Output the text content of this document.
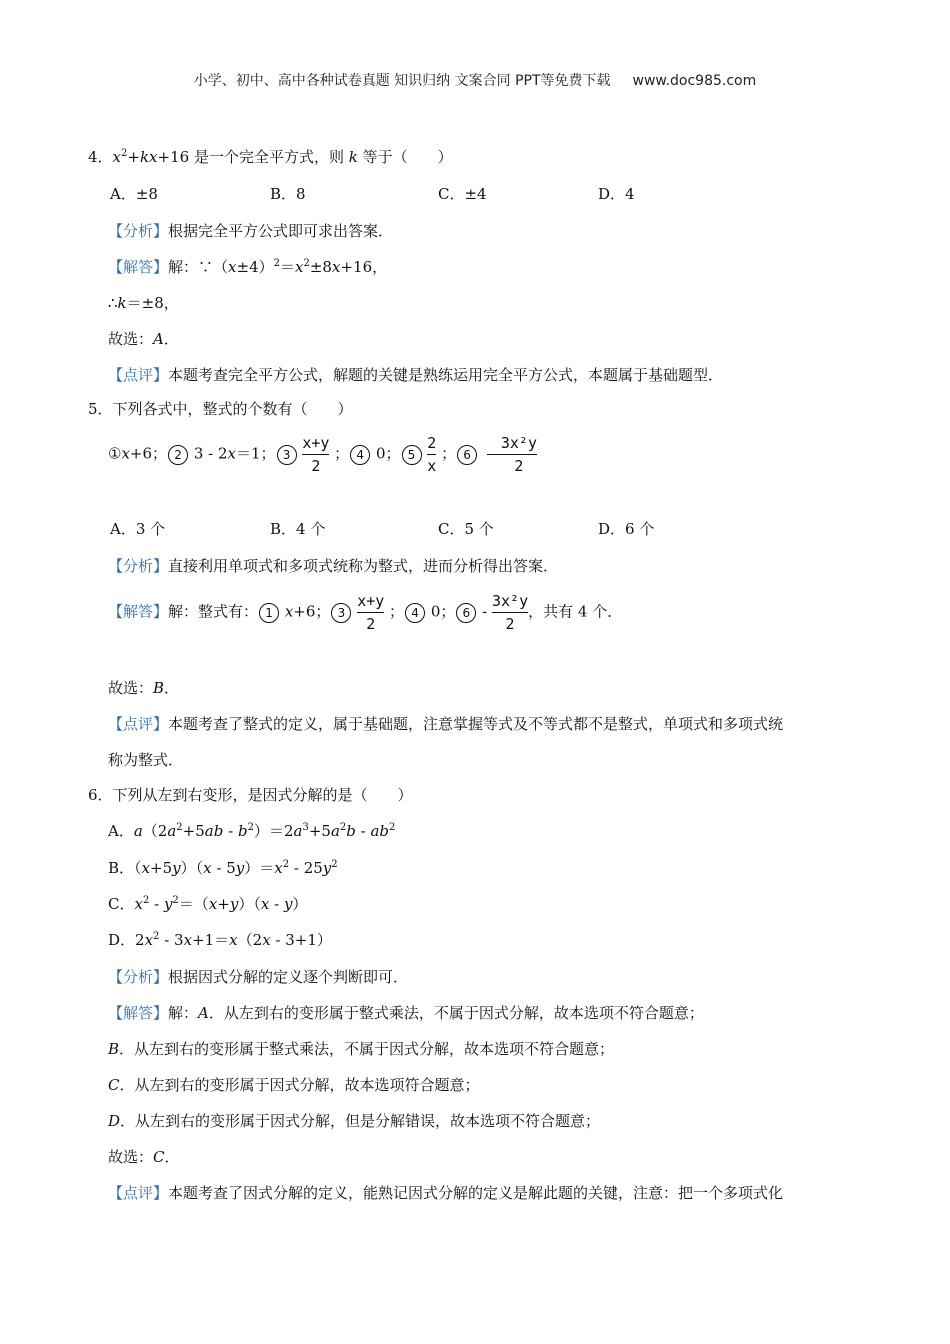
小学、初中、高中各种试卷真题 知识归纳 文案合同 PPT等免费下载 www.doc985.com
4．$x^2+kx+16$ 是一个完全平方式，则 k 等于（　　）
A．±8	B．8	C．±4	D．4
【分析】根据完全平方公式即可求出答案．
【解答】解：$\because(x\pm 4)^2=x^2\pm 8x+16$，
∴k＝±8，
故选：A．
【点评】本题考查完全平方公式，解题的关键是熟练运用完全平方公式，本题属于基础题型．
5．下列各式中，整式的个数有（　　）
①x+6； 2 3 - 2x＝1； $3 \frac{x+y}{2}$ ； 4 0； $5 \frac{2}{x}$ ； $6 \frac{\text{3x²y}}{2}$
A．3 个	B．4 个	C．5 个	D．6 个
【分析】直接利用单项式和多项式统称为整式，进而分析得出答案．
【解答】解：整式有： 1 x+6； $3 \frac{x+y}{2}$ ； 4 0； $6 - \frac{\text{3x²y}}{2}$ ，共有 4 个．
故选：B．
【点评】本题考查了整式的定义，属于基础题，注意掌握等式及不等式都不是整式，单项式和多项式统
称为整式．
6．下列从左到右变形，是因式分解的是（　　）
A．$a(2a^2+5ab - b^2)=2a^3+5a^2b - ab^2$
B．$(x+5y)(x - 5y)=x^2 - 25y^2$
C．$x^2 - y^2=(x+y)(x - y)$
D．$2x^2 - 3x+1=x(2x - 3+1)$
【分析】根据因式分解的定义逐个判断即可．
【解答】解：A．从左到右的变形属于整式乘法，不属于因式分解，故本选项不符合题意；
B．从左到右的变形属于整式乘法，不属于因式分解，故本选项不符合题意；
C．从左到右的变形属于因式分解，故本选项符合题意；
D．从左到右的变形属于因式分解，但是分解错误，故本选项不符合题意；
故选：C．
【点评】本题考查了因式分解的定义，能熟记因式分解的定义是解此题的关键，注意：把一个多项式化
